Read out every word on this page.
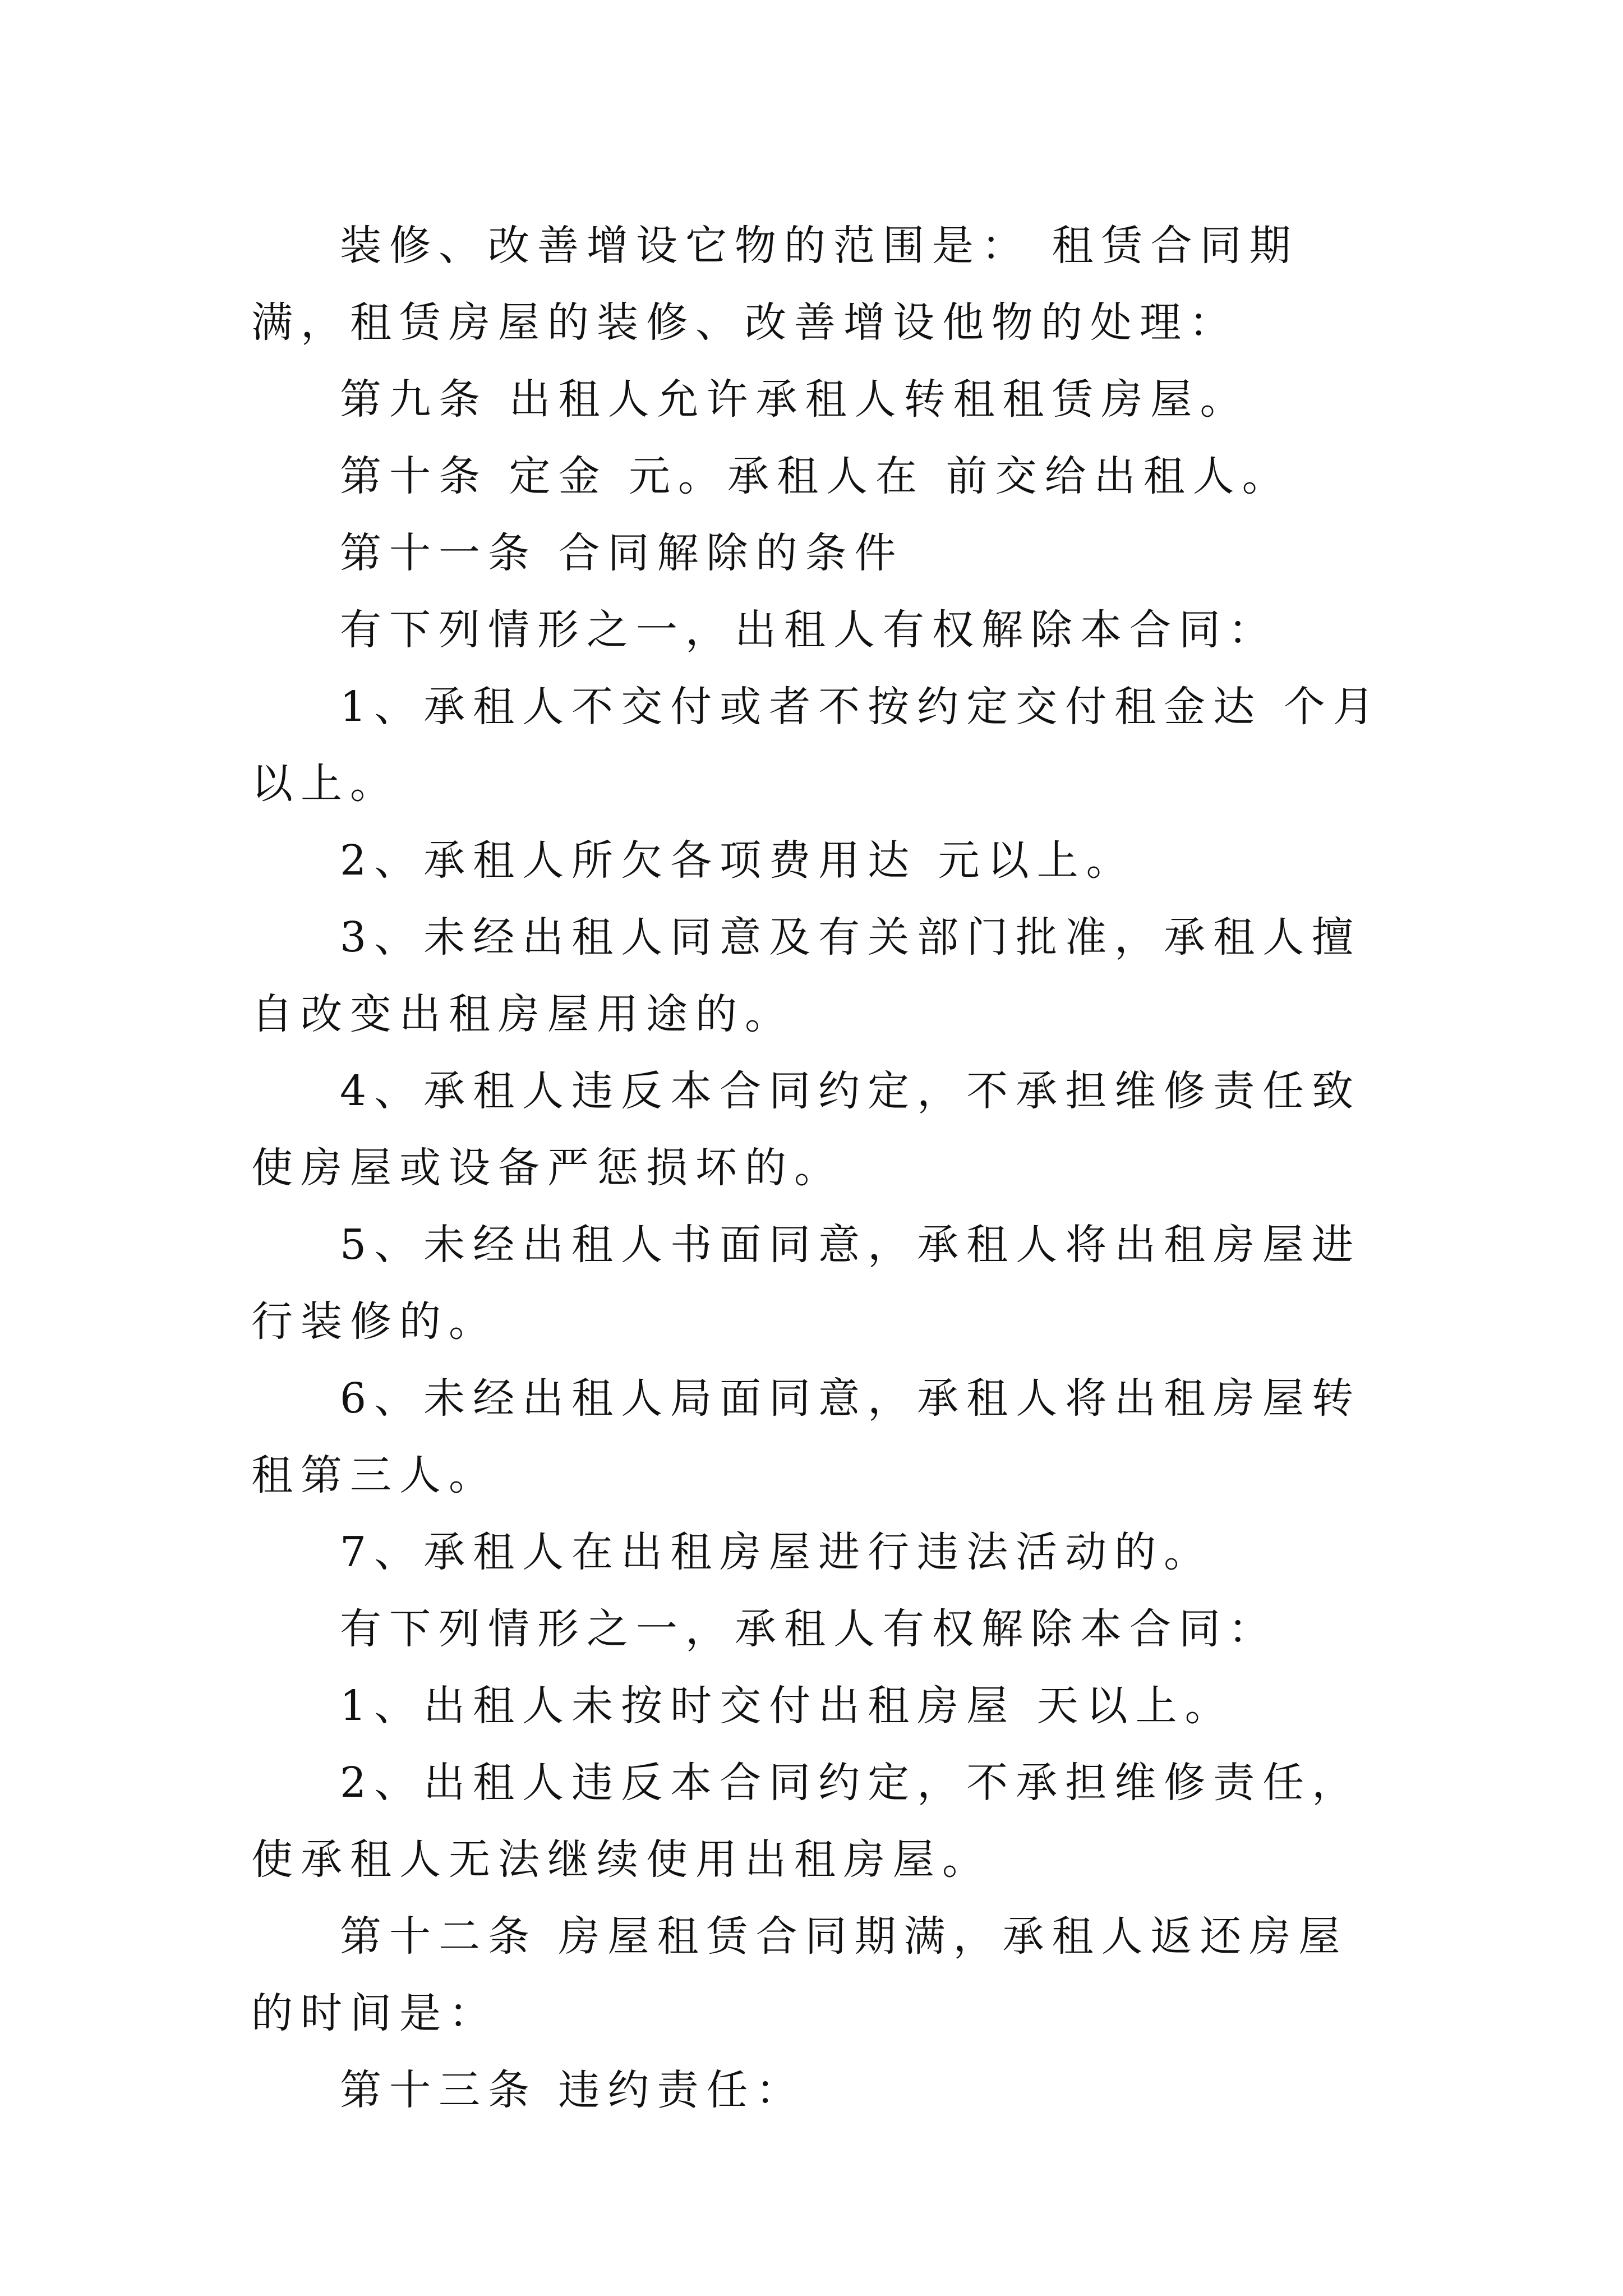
装修、改善增设它物的范围是： 租赁合同期满，租赁房屋的装修、改善增设他物的处理：

第九条 出租人允许承租人转租租赁房屋。

第十条 定金 元。承租人在 前交给出租人。

第十一条 合同解除的条件

有下列情形之一，出租人有权解除本合同：

1、承租人不交付或者不按约定交付租金达 个月以上。

2、承租人所欠各项费用达 元以上。

3、未经出租人同意及有关部门批准，承租人擅自改变出租房屋用途的。

4、承租人违反本合同约定，不承担维修责任致使房屋或设备严惩损坏的。

5、未经出租人书面同意，承租人将出租房屋进行装修的。

6、未经出租人局面同意，承租人将出租房屋转租第三人。

7、承租人在出租房屋进行违法活动的。

有下列情形之一，承租人有权解除本合同：

1、出租人未按时交付出租房屋 天以上。

2、出租人违反本合同约定，不承担维修责任，使承租人无法继续使用出租房屋。

第十二条 房屋租赁合同期满，承租人返还房屋的时间是：

第十三条 违约责任：
